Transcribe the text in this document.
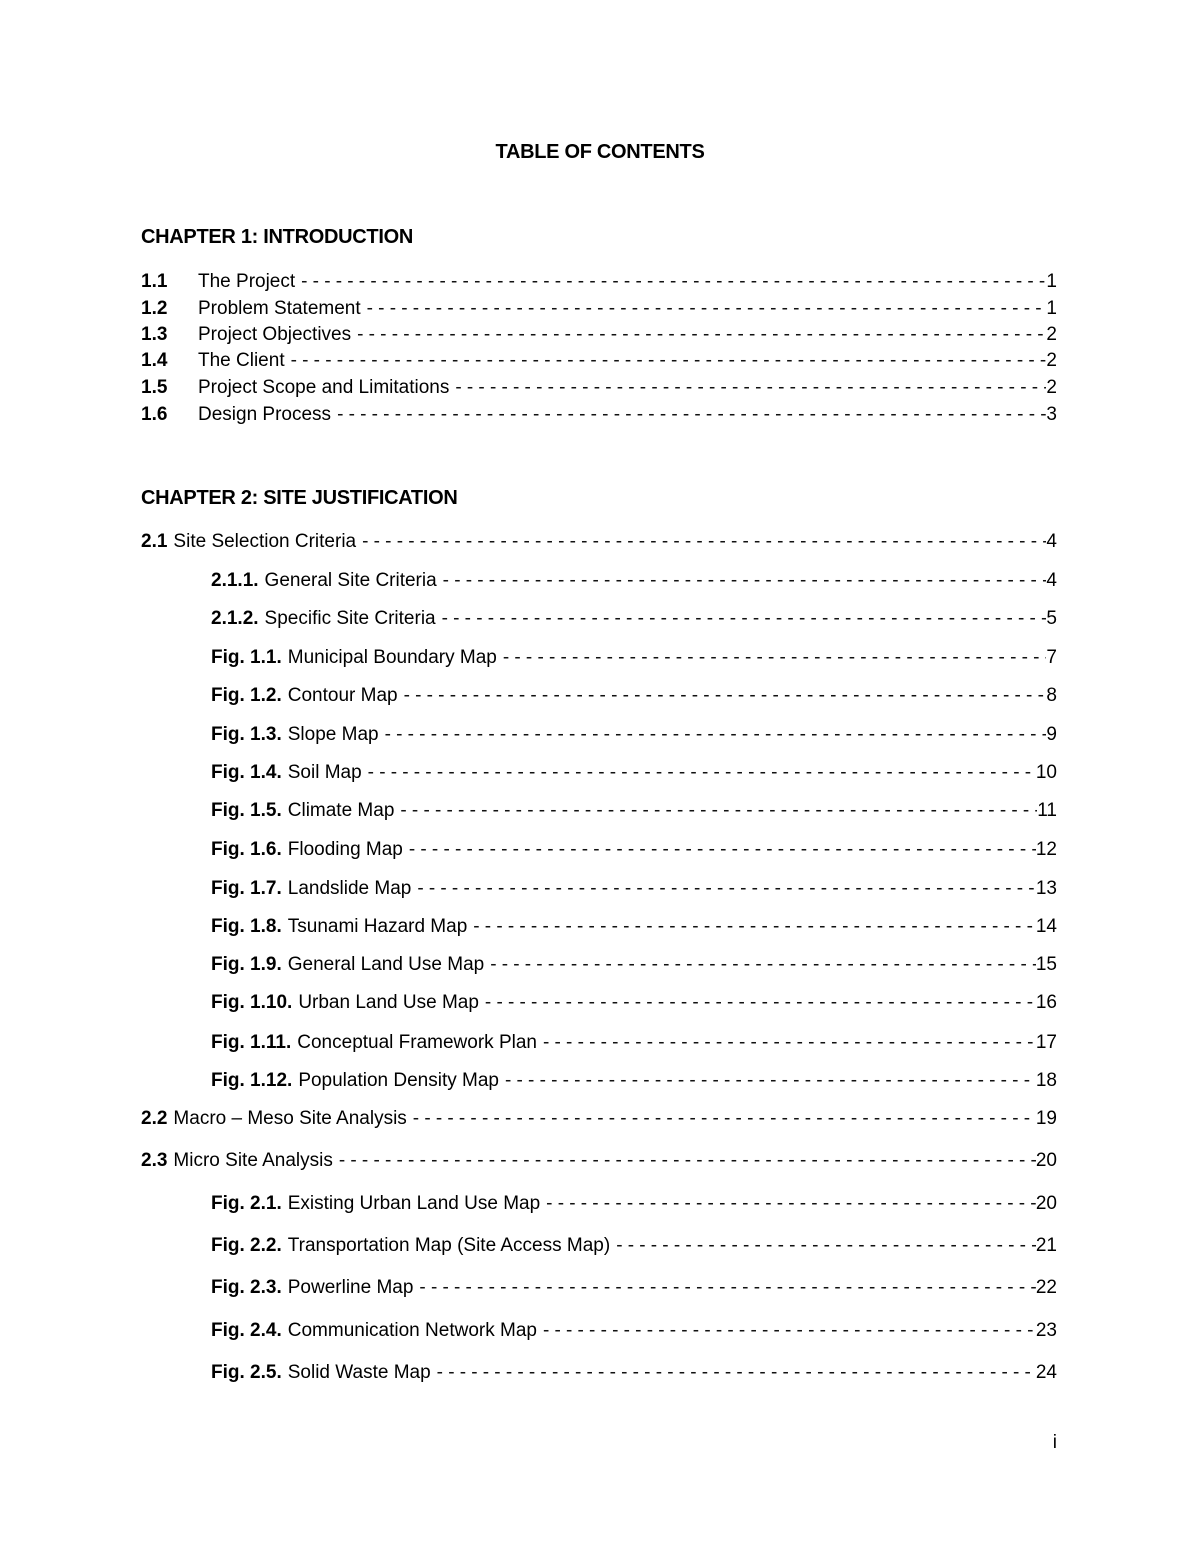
TABLE OF CONTENTS
CHAPTER 1: INTRODUCTION
1.1	The Project -----	1
1.2	Problem Statement -----	1
1.3	Project Objectives -----	2
1.4	The Client -----	2
1.5	Project Scope and Limitations -----	2
1.6	Design Process -----	3
CHAPTER 2: SITE JUSTIFICATION
2.1 Site Selection Criteria -----	4
2.1.1. General Site Criteria -----	4
2.1.2. Specific Site Criteria -----	5
Fig. 1.1. Municipal Boundary Map -----	7
Fig. 1.2. Contour Map -----	8
Fig. 1.3. Slope Map -----	9
Fig. 1.4. Soil Map -----	10
Fig. 1.5. Climate Map -----	11
Fig. 1.6. Flooding Map -----	12
Fig. 1.7. Landslide Map -----	13
Fig. 1.8. Tsunami Hazard Map -----	14
Fig. 1.9. General Land Use Map -----	15
Fig. 1.10. Urban Land Use Map -----	16
Fig. 1.11. Conceptual Framework Plan -----	17
Fig. 1.12. Population Density Map -----	18
2.2 Macro – Meso Site Analysis -----	19
2.3 Micro Site Analysis -----	20
Fig. 2.1. Existing Urban Land Use Map -----	20
Fig. 2.2. Transportation Map (Site Access Map) -----	21
Fig. 2.3. Powerline Map -----	22
Fig. 2.4. Communication Network Map -----	23
Fig. 2.5. Solid Waste Map -----	24
i
